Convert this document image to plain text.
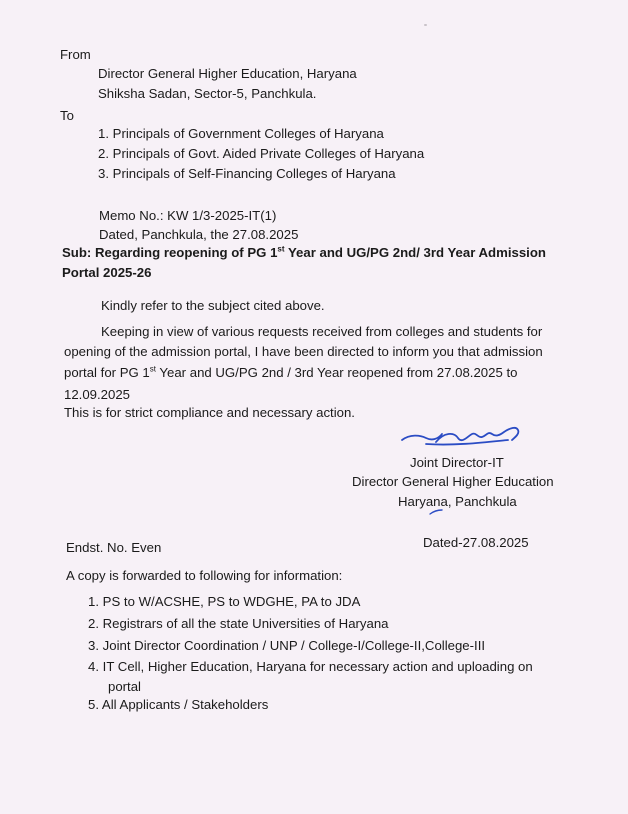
From
Director General Higher Education, Haryana
Shiksha Sadan, Sector-5, Panchkula.
To
1. Principals of Government Colleges of Haryana
2. Principals of Govt. Aided Private Colleges of Haryana
3. Principals of Self-Financing Colleges of Haryana
Memo No.: KW 1/3-2025-IT(1)
Dated, Panchkula, the 27.08.2025
Sub: Regarding reopening of PG 1st Year and UG/PG 2nd/ 3rd Year Admission
Portal 2025-26
Kindly refer to the subject cited above.
Keeping in view of various requests received from colleges and students for
opening of the admission portal, I have been directed to inform you that admission
portal for PG 1st Year and UG/PG 2nd / 3rd Year reopened from 27.08.2025 to
12.09.2025
This is for strict compliance and necessary action.
Joint Director-IT
Director General Higher Education
Haryana, Panchkula
Endst. No. Even	Dated-27.08.2025
A copy is forwarded to following for information:
1. PS to W/ACSHE, PS to WDGHE, PA to JDA
2. Registrars of all the state Universities of Haryana
3. Joint Director Coordination / UNP / College-I/College-II,College-III
4. IT Cell, Higher Education, Haryana for necessary action and uploading on
portal
5. All Applicants / Stakeholders
